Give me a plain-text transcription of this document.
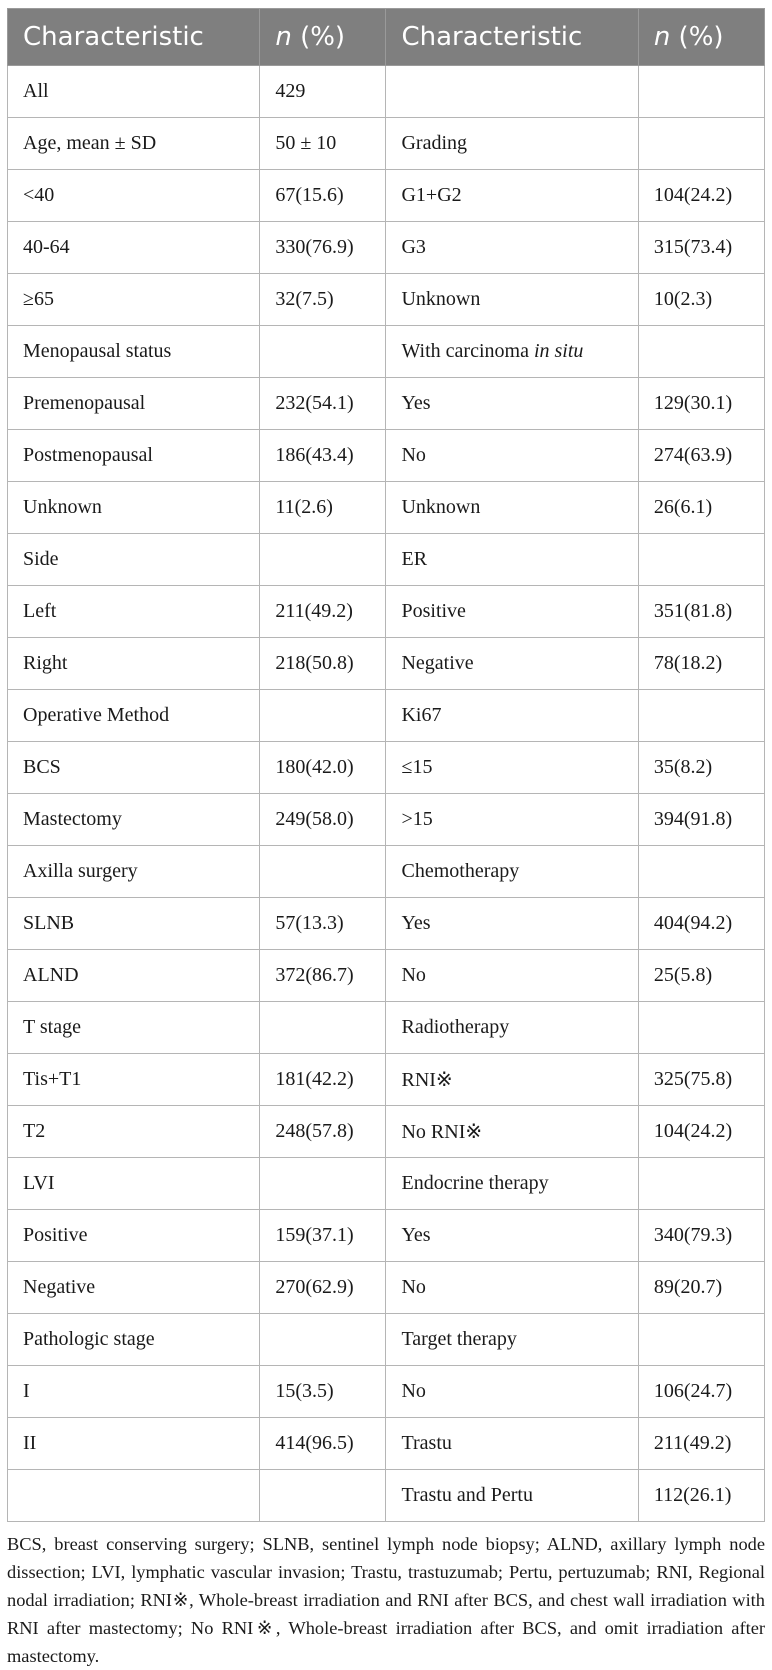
Characteristic	n (%)	Characteristic	n (%)
All	429		
Age, mean ± SD	50 ± 10	Grading	
<40	67(15.6)	G1+G2	104(24.2)
40-64	330(76.9)	G3	315(73.4)
≥65	32(7.5)	Unknown	10(2.3)
Menopausal status		With carcinoma in situ	
Premenopausal	232(54.1)	Yes	129(30.1)
Postmenopausal	186(43.4)	No	274(63.9)
Unknown	11(2.6)	Unknown	26(6.1)
Side		ER	
Left	211(49.2)	Positive	351(81.8)
Right	218(50.8)	Negative	78(18.2)
Operative Method		Ki67	
BCS	180(42.0)	≤15	35(8.2)
Mastectomy	249(58.0)	>15	394(91.8)
Axilla surgery		Chemotherapy	
SLNB	57(13.3)	Yes	404(94.2)
ALND	372(86.7)	No	25(5.8)
T stage		Radiotherapy	
Tis+T1	181(42.2)	RNI※	325(75.8)
T2	248(57.8)	No RNI※	104(24.2)
LVI		Endocrine therapy	
Positive	159(37.1)	Yes	340(79.3)
Negative	270(62.9)	No	89(20.7)
Pathologic stage		Target therapy	
I	15(3.5)	No	106(24.7)
II	414(96.5)	Trastu	211(49.2)
		Trastu and Pertu	112(26.1)

BCS, breast conserving surgery; SLNB, sentinel lymph node biopsy; ALND, axillary lymph node dissection; LVI, lymphatic vascular invasion; Trastu, trastuzumab; Pertu, pertuzumab; RNI, Regional nodal irradiation; RNI※, Whole-breast irradiation and RNI after BCS, and chest wall irradiation with RNI after mastectomy; No RNI※, Whole-breast irradiation after BCS, and omit irradiation after mastectomy.
